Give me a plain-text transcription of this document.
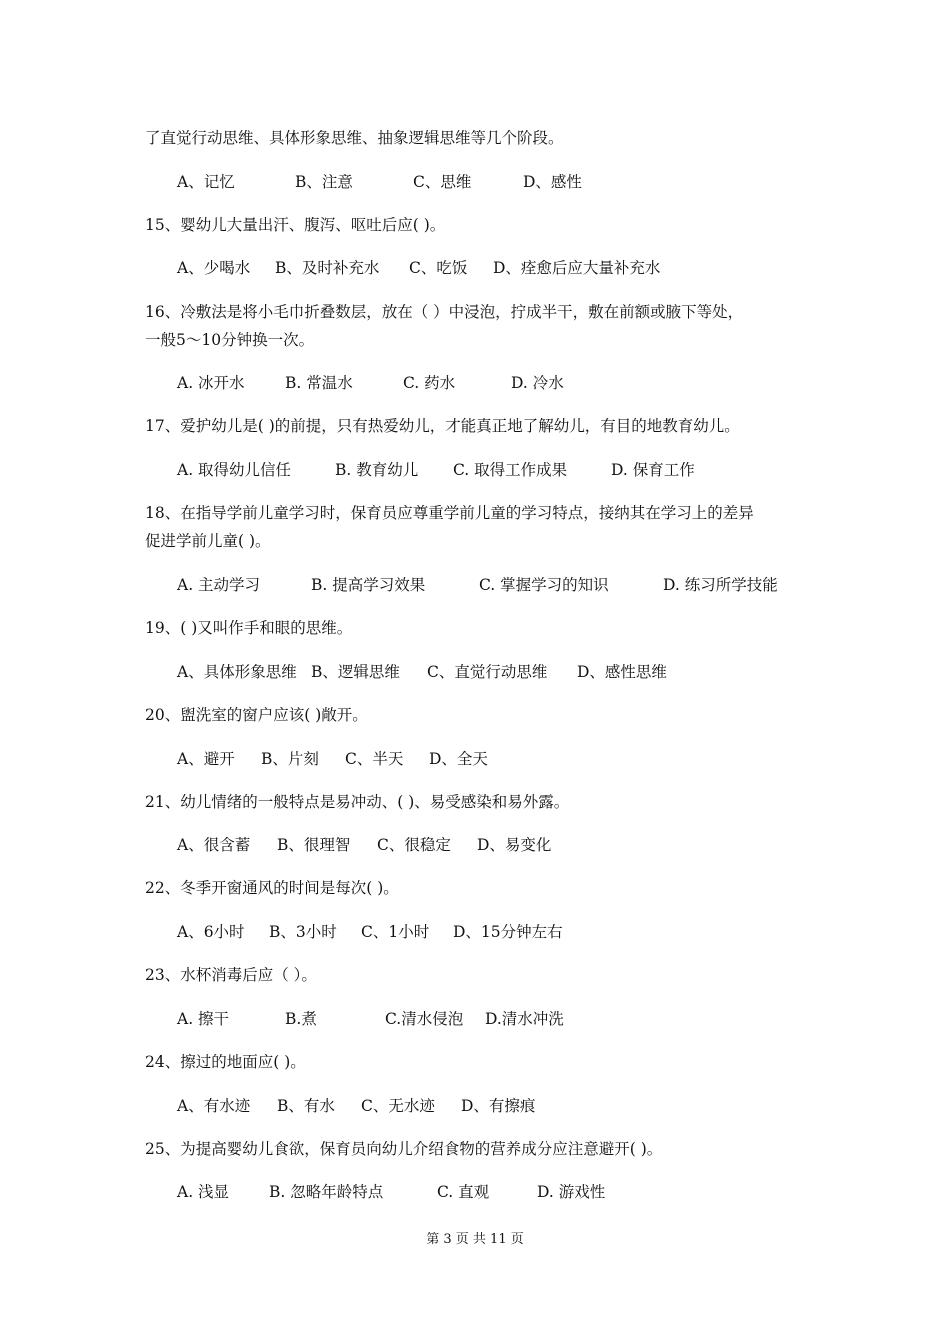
了直觉行动思维、具体形象思维、抽象逻辑思维等几个阶段。
A、记忆	B、注意	C、思维	D、感性
15、婴幼儿大量出汗、腹泻、呕吐后应( )。
A、少喝水 B、及时补充水 C、吃饭 D、痊愈后应大量补充水
16、冷敷法是将小毛巾折叠数层，放在（ ）中浸泡，拧成半干，敷在前额或腋下等处，
一般5～10分钟换一次。
A. 冰开水	B. 常温水	C. 药水	D. 冷水
17、爱护幼儿是( )的前提，只有热爱幼儿，才能真正地了解幼儿，有目的地教育幼儿。
A. 取得幼儿信任	B. 教育幼儿 C. 取得工作成果	D. 保育工作
18、在指导学前儿童学习时，保育员应尊重学前儿童的学习特点，接纳其在学习上的差异
促进学前儿童( )。
A. 主动学习	B. 提高学习效果	C. 掌握学习的知识	D. 练习所学技能
19、( )又叫作手和眼的思维。
A、具体形象思维 B、逻辑思维 C、直觉行动思维 D、感性思维
20、盥洗室的窗户应该( )敞开。
A、避开 B、片刻 C、半天 D、全天
21、幼儿情绪的一般特点是易冲动、( )、易受感染和易外露。
A、很含蓄 B、很理智 C、很稳定 D、易变化
22、冬季开窗通风的时间是每次( )。
A、6小时 B、3小时 C、1小时 D、15分钟左右
23、水杯消毒后应（ ）。
A. 擦干	B.煮	C.清水侵泡 D.清水冲洗
24、擦过的地面应( )。
A、有水迹 B、有水 C、无水迹 D、有擦痕
25、为提高婴幼儿食欲，保育员向幼儿介绍食物的营养成分应注意避开( )。
A. 浅显	B. 忽略年龄特点	C. 直观	D. 游戏性
第 3 页 共 11 页
